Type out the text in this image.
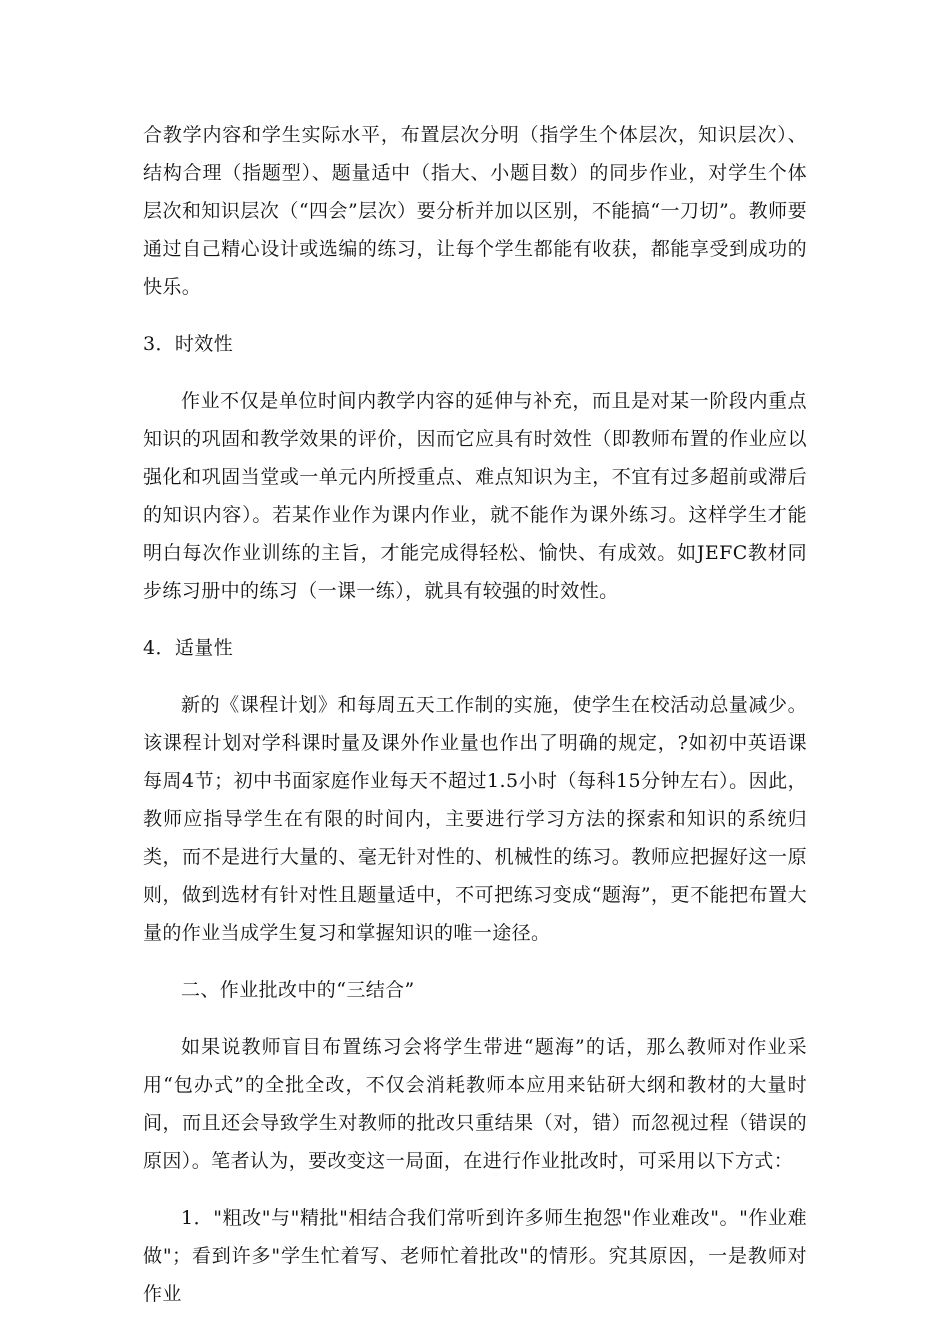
合教学内容和学生实际水平，布置层次分明（指学生个体层次，知识层次）、结构合理（指题型）、题量适中（指大、小题目数）的同步作业，对学生个体层次和知识层次（“四会”层次）要分析并加以区别，不能搞“一刀切”。教师要通过自己精心设计或选编的练习，让每个学生都能有收获，都能享受到成功的快乐。

3．时效性

作业不仅是单位时间内教学内容的延伸与补充，而且是对某一阶段内重点知识的巩固和教学效果的评价，因而它应具有时效性（即教师布置的作业应以强化和巩固当堂或一单元内所授重点、难点知识为主，不宜有过多超前或滞后的知识内容）。若某作业作为课内作业，就不能作为课外练习。这样学生才能明白每次作业训练的主旨，才能完成得轻松、愉快、有成效。如JEFC教材同步练习册中的练习（一课一练），就具有较强的时效性。

4．适量性

新的《课程计划》和每周五天工作制的实施，使学生在校活动总量减少。该课程计划对学科课时量及课外作业量也作出了明确的规定，?如初中英语课每周4节；初中书面家庭作业每天不超过1.5小时（每科15分钟左右）。因此，教师应指导学生在有限的时间内，主要进行学习方法的探索和知识的系统归类，而不是进行大量的、毫无针对性的、机械性的练习。教师应把握好这一原则，做到选材有针对性且题量适中，不可把练习变成“题海”，更不能把布置大量的作业当成学生复习和掌握知识的唯一途径。

二、作业批改中的“三结合”

如果说教师盲目布置练习会将学生带进“题海”的话，那么教师对作业采用“包办式”的全批全改，不仅会消耗教师本应用来钻研大纲和教材的大量时间，而且还会导致学生对教师的批改只重结果（对，错）而忽视过程（错误的原因）。笔者认为，要改变这一局面，在进行作业批改时，可采用以下方式：

1．"粗改"与"精批"相结合我们常听到许多师生抱怨"作业难改"。"作业难做"；看到许多"学生忙着写、老师忙着批改"的情形。究其原因，一是教师对作业
